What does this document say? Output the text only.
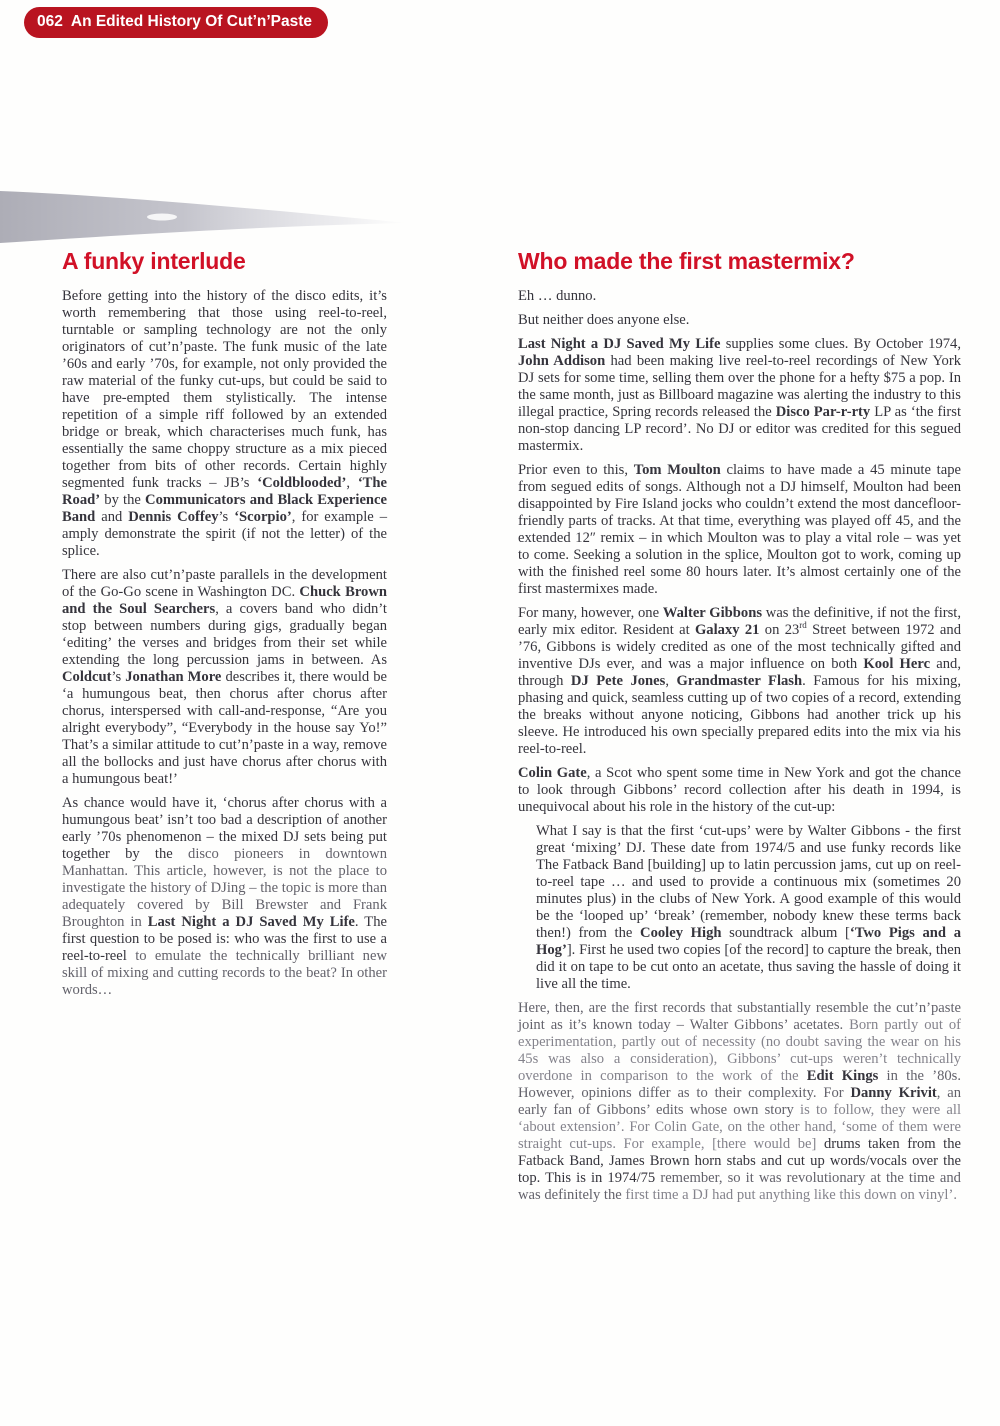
062 An Edited History Of Cut’n’Paste
A funky interlude

Before getting into the history of the disco edits, it’s worth remembering that those using reel-to-reel, turntable or sampling technology are not the only originators of cut’n’paste. The funk music of the late ’60s and early ’70s, for example, not only provided the raw material of the funky cut-ups, but could be said to have pre-empted them stylistically. The intense repetition of a simple riff followed by an extended bridge or break, which characterises much funk, has essentially the same choppy structure as a mix pieced together from bits of other records. Certain highly segmented funk tracks – JB’s ‘Coldblooded’, ‘The Road’ by the Communicators and Black Experience Band and Dennis Coffey’s ‘Scorpio’, for example – amply demonstrate the spirit (if not the letter) of the splice.

There are also cut’n’paste parallels in the development of the Go-Go scene in Washington DC. Chuck Brown and the Soul Searchers, a covers band who didn’t stop between numbers during gigs, gradually began ‘editing’ the verses and bridges from their set while extending the long percussion jams in between. As Coldcut’s Jonathan More describes it, there would be ‘a humungous beat, then chorus after chorus after chorus, interspersed with call-and-response, “Are you alright everybody”, “Everybody in the house say Yo!” That’s a similar attitude to cut’n’paste in a way, remove all the bollocks and just have chorus after chorus with a humungous beat!’

As chance would have it, ‘chorus after chorus with a humungous beat’ isn’t too bad a description of another early ’70s phenomenon – the mixed DJ sets being put together by the disco pioneers in downtown Manhattan. This article, however, is not the place to investigate the history of DJing – the topic is more than adequately covered by Bill Brewster and Frank Broughton in Last Night a DJ Saved My Life. The first question to be posed is: who was the first to use a reel-to-reel to emulate the technically brilliant new skill of mixing and cutting records to the beat? In other words…

Who made the first mastermix?

Eh … dunno.

But neither does anyone else.

Last Night a DJ Saved My Life supplies some clues. By October 1974, John Addison had been making live reel-to-reel recordings of New York DJ sets for some time, selling them over the phone for a hefty $75 a pop. In the same month, just as Billboard magazine was alerting the industry to this illegal practice, Spring records released the Disco Par-r-rty LP as ‘the first non-stop dancing LP record’. No DJ or editor was credited for this segued mastermix.

Prior even to this, Tom Moulton claims to have made a 45 minute tape from segued edits of songs. Although not a DJ himself, Moulton had been disappointed by Fire Island jocks who couldn’t extend the most dancefloor-friendly parts of tracks. At that time, everything was played off 45, and the extended 12″ remix – in which Moulton was to play a vital role – was yet to come. Seeking a solution in the splice, Moulton got to work, coming up with the finished reel some 80 hours later. It’s almost certainly one of the first mastermixes made.

For many, however, one Walter Gibbons was the definitive, if not the first, early mix editor. Resident at Galaxy 21 on 23rd Street between 1972 and ’76, Gibbons is widely credited as one of the most technically gifted and inventive DJs ever, and was a major influence on both Kool Herc and, through DJ Pete Jones, Grandmaster Flash. Famous for his mixing, phasing and quick, seamless cutting up of two copies of a record, extending the breaks without anyone noticing, Gibbons had another trick up his sleeve. He introduced his own specially prepared edits into the mix via his reel-to-reel.

Colin Gate, a Scot who spent some time in New York and got the chance to look through Gibbons’ record collection after his death in 1994, is unequivocal about his role in the history of the cut-up:

What I say is that the first ‘cut-ups’ were by Walter Gibbons - the first great ‘mixing’ DJ. These date from 1974/5 and use funky records like The Fatback Band [building] up to latin percussion jams, cut up on reel-to-reel tape … and used to provide a continuous mix (sometimes 20 minutes plus) in the clubs of New York. A good example of this would be the ‘looped up’ ‘break’ (remember, nobody knew these terms back then!) from the Cooley High soundtrack album [‘Two Pigs and a Hog’]. First he used two copies [of the record] to capture the break, then did it on tape to be cut onto an acetate, thus saving the hassle of doing it live all the time.

Here, then, are the first records that substantially resemble the cut’n’paste joint as it’s known today – Walter Gibbons’ acetates. Born partly out of experimentation, partly out of necessity (no doubt saving the wear on his 45s was also a consideration), Gibbons’ cut-ups weren’t technically overdone in comparison to the work of the Edit Kings in the ’80s. However, opinions differ as to their complexity. For Danny Krivit, an early fan of Gibbons’ edits whose own story is to follow, they were all ‘about extension’. For Colin Gate, on the other hand, ‘some of them were straight cut-ups. For example, [there would be] drums taken from the Fatback Band, James Brown horn stabs and cut up words/vocals over the top. This is in 1974/75 remember, so it was revolutionary at the time and was definitely the first time a DJ had put anything like this down on vinyl’.
